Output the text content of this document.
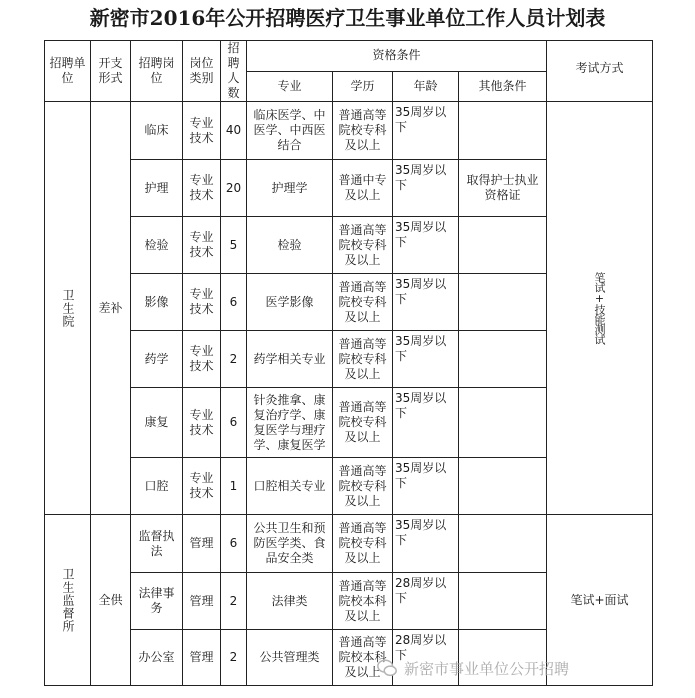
新密市2016年公开招聘医疗卫生事业单位工作人员计划表
招聘单位	开支形式	招聘岗位	岗位类别	招聘人数	资格条件				考试方式
					专业	学历	年龄	其他条件	
卫生院	差补	临床	专业技术	40	临床医学、中医学、中西医结合	普通高等院校专科及以上	35周岁以下		笔试+技能测试
		护理	专业技术	20	护理学	普通中专及以上	35周岁以下	取得护士执业资格证	
		检验	专业技术	5	检验	普通高等院校专科及以上	35周岁以下		
		影像	专业技术	6	医学影像	普通高等院校专科及以上	35周岁以下		
		药学	专业技术	2	药学相关专业	普通高等院校专科及以上	35周岁以下		
		康复	专业技术	6	针灸推拿、康复治疗学、康复医学与理疗学、康复医学	普通高等院校专科及以上	35周岁以下		
		口腔	专业技术	1	口腔相关专业	普通高等院校专科及以上	35周岁以下		
卫生监督所	全供	监督执法	管理	6	公共卫生和预防医学类、食品安全类	普通高等院校专科及以上	35周岁以下		笔试+面试
		法律事务	管理	2	法律类	普通高等院校本科及以上	28周岁以下		
		办公室	管理	2	公共管理类	普通高等院校本科及以上	28周岁以下		
新密市事业单位公开招聘
